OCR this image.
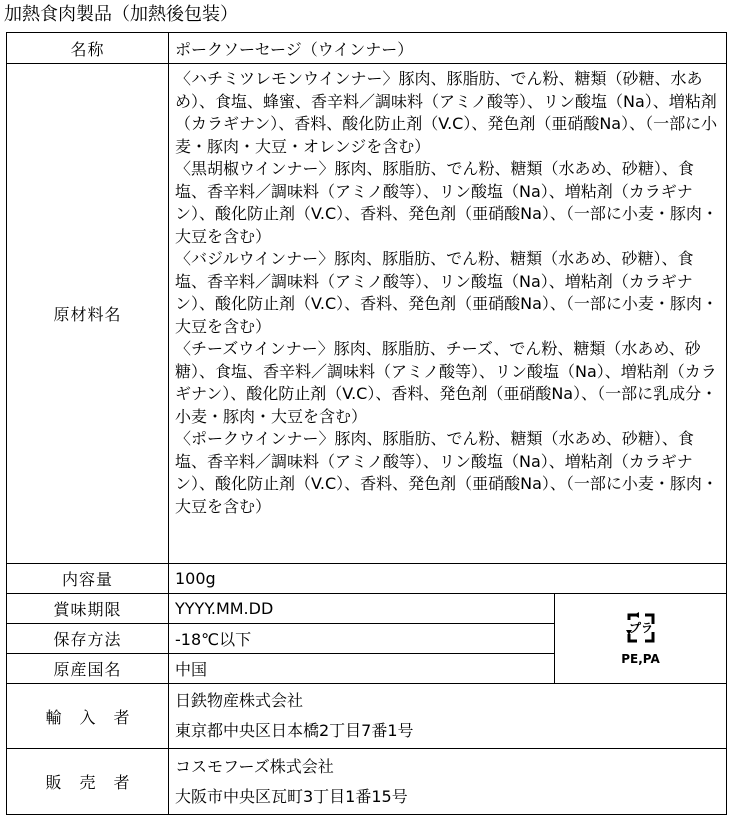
加熱食肉製品（加熱後包装）
名称	ポークソーセージ（ウインナー）	
原材料名	〈ハチミツレモンウインナー〉豚肉、豚脂肪、でん粉、糖類（砂糖、水あめ）、食塩、蜂蜜、香辛料／調味料（アミノ酸等）、リン酸塩（Na）、増粘剤（カラギナン）、香料、酸化防止剤（V.C）、発色剤（亜硝酸Na）、（一部に小麦・豚肉・大豆・オレンジを含む）

〈黒胡椒ウインナー〉豚肉、豚脂肪、でん粉、糖類（水あめ、砂糖）、食塩、香辛料／調味料（アミノ酸等）、リン酸塩（Na）、増粘剤（カラギナン）、酸化防止剤（V.C）、香料、発色剤（亜硝酸Na）、（一部に小麦・豚肉・大豆を含む）

〈バジルウインナー〉豚肉、豚脂肪、でん粉、糖類（水あめ、砂糖）、食塩、香辛料／調味料（アミノ酸等）、リン酸塩（Na）、増粘剤（カラギナン）、酸化防止剤（V.C）、香料、発色剤（亜硝酸Na）、（一部に小麦・豚肉・大豆を含む）

〈チーズウインナー〉豚肉、豚脂肪、チーズ、でん粉、糖類（水あめ、砂糖）、食塩、香辛料／調味料（アミノ酸等）、リン酸塩（Na）、増粘剤（カラギナン）、酸化防止剤（V.C）、香料、発色剤（亜硝酸Na）、（一部に乳成分・小麦・豚肉・大豆を含む）

〈ポークウインナー〉豚肉、豚脂肪、でん粉、糖類（水あめ、砂糖）、食塩、香辛料／調味料（アミノ酸等）、リン酸塩（Na）、増粘剤（カラギナン）、酸化防止剤（V.C）、香料、発色剤（亜硝酸Na）、（一部に小麦・豚肉・大豆を含む）	

内容量	100g	
賞味期限	YYYY.MM.DD	プラ
PE,PA

保存方法	-18℃以下	
原産国名	中国	
輸入者	日鉄物産株式会社
東京都中央区日本橋2丁目7番1号	

販売者	コスモフーズ株式会社
大阪市中央区瓦町3丁目1番15号	
